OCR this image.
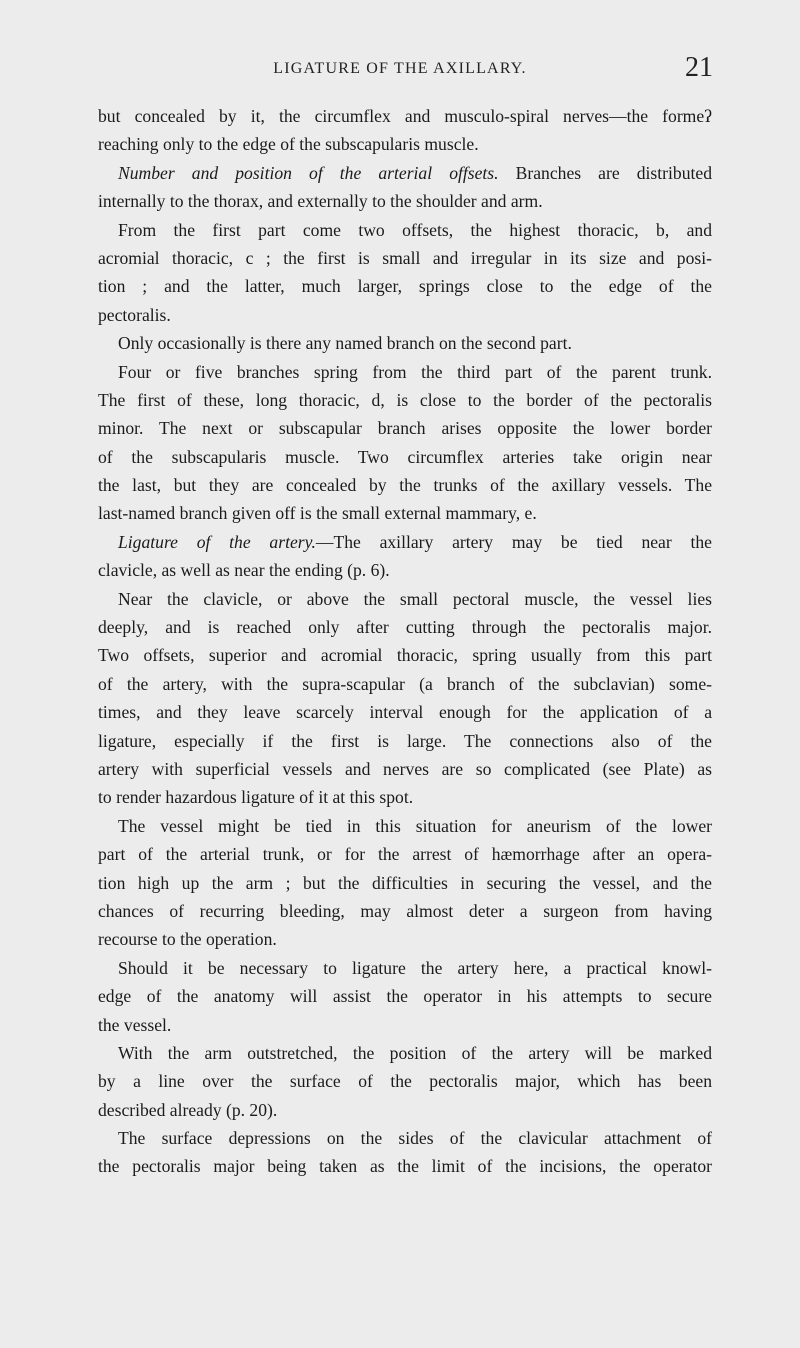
LIGATURE OF THE AXILLARY.	21
but concealed by it, the circumflex and musculo-spiral nerves—the formeʔ
reaching only to the edge of the subscapularis muscle.
Number and position of the arterial offsets. Branches are distributed
internally to the thorax, and externally to the shoulder and arm.
From the first part come two offsets, the highest thoracic, b, and
acromial thoracic, c ; the first is small and irregular in its size and posi-
tion ; and the latter, much larger, springs close to the edge of the
pectoralis.
Only occasionally is there any named branch on the second part.
Four or five branches spring from the third part of the parent trunk.
The first of these, long thoracic, d, is close to the border of the pectoralis
minor. The next or subscapular branch arises opposite the lower border
of the subscapularis muscle. Two circumflex arteries take origin near
the last, but they are concealed by the trunks of the axillary vessels. The
last-named branch given off is the small external mammary, e.
Ligature of the artery.—The axillary artery may be tied near the
clavicle, as well as near the ending (p. 6).
Near the clavicle, or above the small pectoral muscle, the vessel lies
deeply, and is reached only after cutting through the pectoralis major.
Two offsets, superior and acromial thoracic, spring usually from this part
of the artery, with the supra-scapular (a branch of the subclavian) some-
times, and they leave scarcely interval enough for the application of a
ligature, especially if the first is large. The connections also of the
artery with superficial vessels and nerves are so complicated (see Plate) as
to render hazardous ligature of it at this spot.
The vessel might be tied in this situation for aneurism of the lower
part of the arterial trunk, or for the arrest of hæmorrhage after an opera-
tion high up the arm ; but the difficulties in securing the vessel, and the
chances of recurring bleeding, may almost deter a surgeon from having
recourse to the operation.
Should it be necessary to ligature the artery here, a practical knowl-
edge of the anatomy will assist the operator in his attempts to secure
the vessel.
With the arm outstretched, the position of the artery will be marked
by a line over the surface of the pectoralis major, which has been
described already (p. 20).
The surface depressions on the sides of the clavicular attachment of
the pectoralis major being taken as the limit of the incisions, the operator
